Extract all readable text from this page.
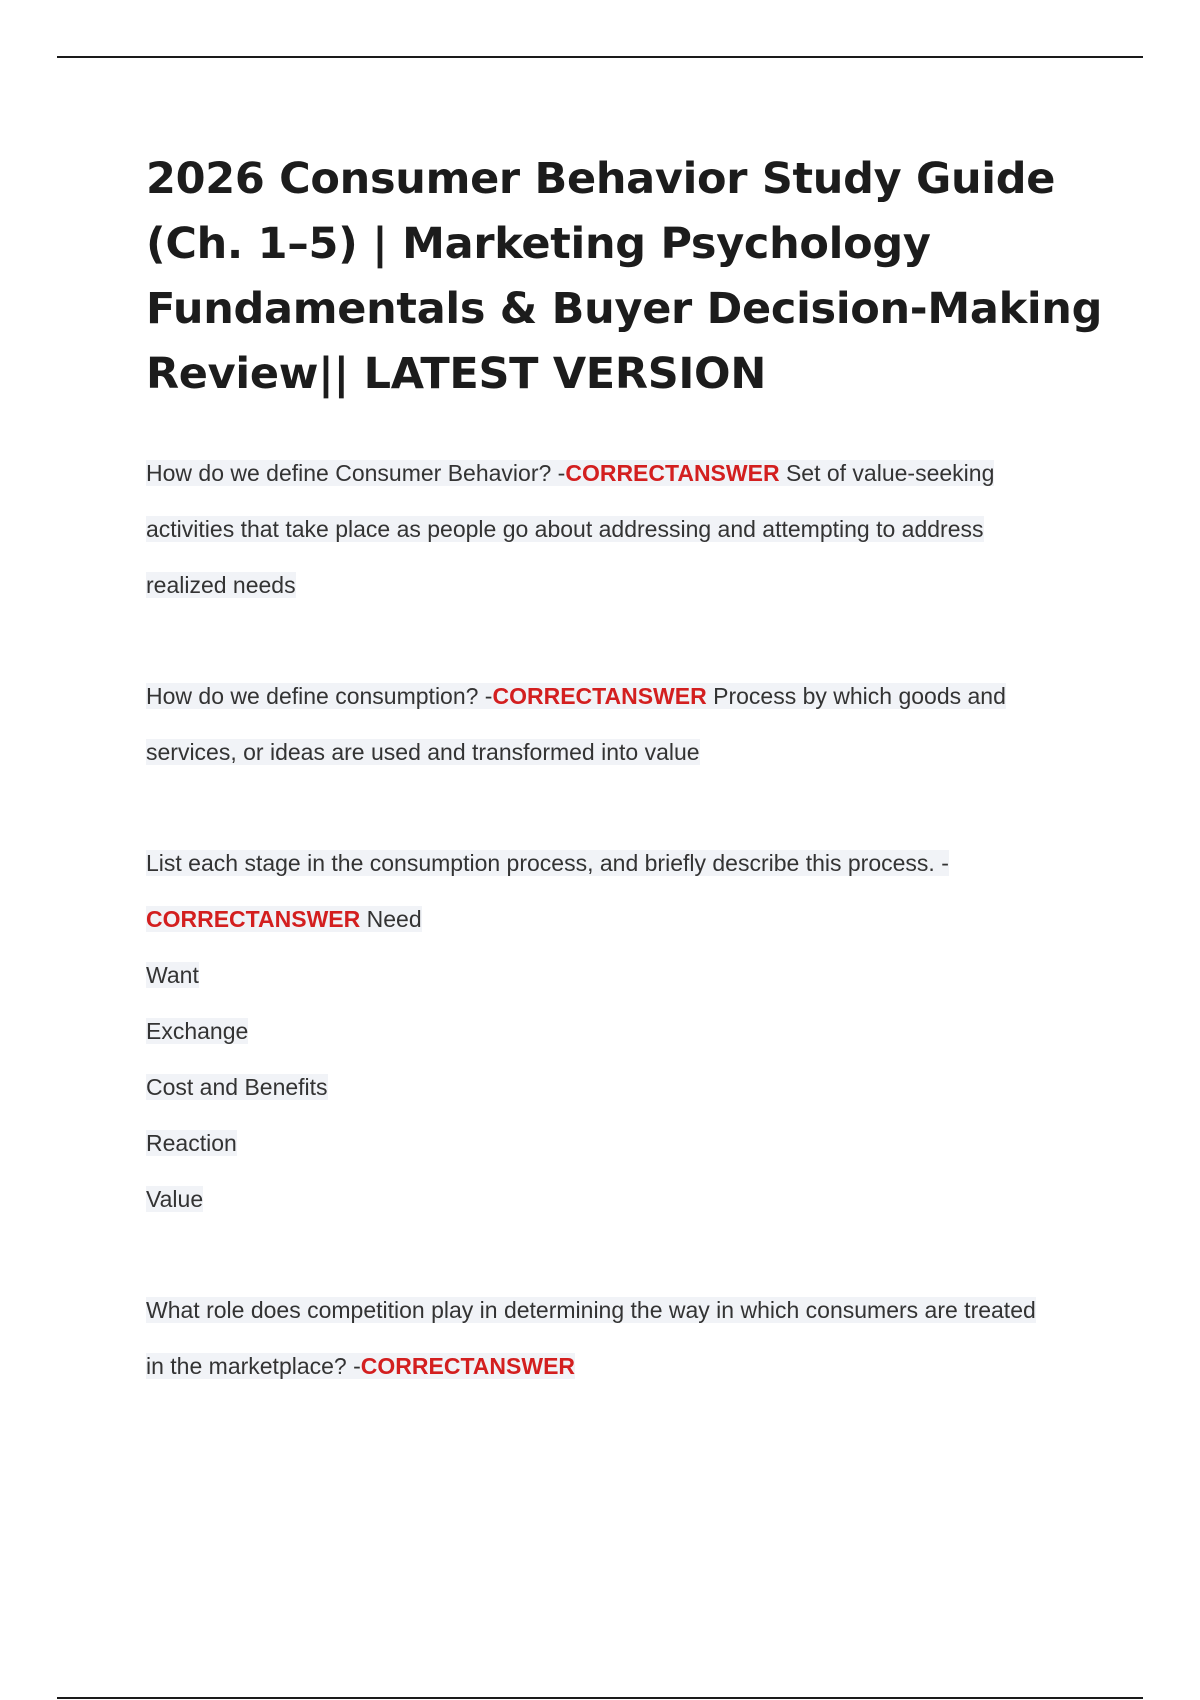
2026 Consumer Behavior Study Guide
(Ch. 1–5) | Marketing Psychology
Fundamentals & Buyer Decision-Making
Review|| LATEST VERSION
How do we define Consumer Behavior? -CORRECTANSWER Set of value-seeking
activities that take place as people go about addressing and attempting to address
realized needs
How do we define consumption? -CORRECTANSWER Process by which goods and
services, or ideas are used and transformed into value
List each stage in the consumption process, and briefly describe this process. -
CORRECTANSWER Need
Want
Exchange
Cost and Benefits
Reaction
Value
What role does competition play in determining the way in which consumers are treated
in the marketplace? -CORRECTANSWER
